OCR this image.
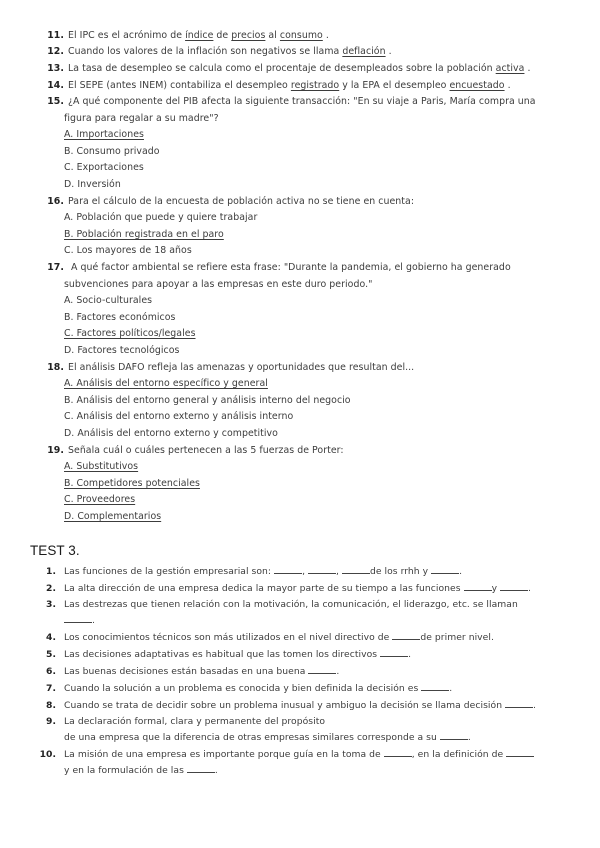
11. El IPC es el acrónimo de índice de precios al consumo .
12. Cuando los valores de la inflación son negativos se llama deflación .
13. La tasa de desempleo se calcula como el procentaje de desempleados sobre la población activa .
14. El SEPE (antes INEM) contabiliza el desempleo registrado y la EPA el desempleo encuestado .
15. ¿A qué componente del PIB afecta la siguiente transacción: "En su viaje a Paris, María compra una
figura para regalar a su madre"?
A. Importaciones
B. Consumo privado
C. Exportaciones
D. Inversión
16. Para el cálculo de la encuesta de población activa no se tiene en cuenta:
A. Población que puede y quiere trabajar
B. Población registrada en el paro
C. Los mayores de 18 años
17. A qué factor ambiental se refiere esta frase: "Durante la pandemia, el gobierno ha generado
subvenciones para apoyar a las empresas en este duro periodo."
A. Socio-culturales
B. Factores económicos
C. Factores políticos/legales
D. Factores tecnológicos
18. El análisis DAFO refleja las amenazas y oportunidades que resultan del...
A. Análisis del entorno específico y general
B. Análisis del entorno general y análisis interno del negocio
C. Análisis del entorno externo y análisis interno
D. Análisis del entorno externo y competitivo
19. Señala cuál o cuáles pertenecen a las 5 fuerzas de Porter:
A. Substitutivos
B. Competidores potenciales
C. Proveedores
D. Complementarios
TEST 3.
1. Las funciones de la gestión empresarial son:	,	,	de los rrhh y	.
2. La alta dirección de una empresa dedica la mayor parte de su tiempo a las funciones	y	.
3. Las destrezas que tienen relación con la motivación, la comunicación, el liderazgo, etc. se llaman
.
4. Los conocimientos técnicos son más utilizados en el nivel directivo de	de primer nivel.
5. Las decisiones adaptativas es habitual que las tomen los directivos	.
6. Las buenas decisiones están basadas en una buena	.
7. Cuando la solución a un problema es conocida y bien definida la decisión es	.
8. Cuando se trata de decidir sobre un problema inusual y ambiguo la decisión se llama decisión	.
9. La declaración formal, clara y permanente del propósito
de una empresa que la diferencia de otras empresas similares corresponde a su	.
10. La misión de una empresa es importante porque guía en la toma de	, en la definición de
y en la formulación de las	.
